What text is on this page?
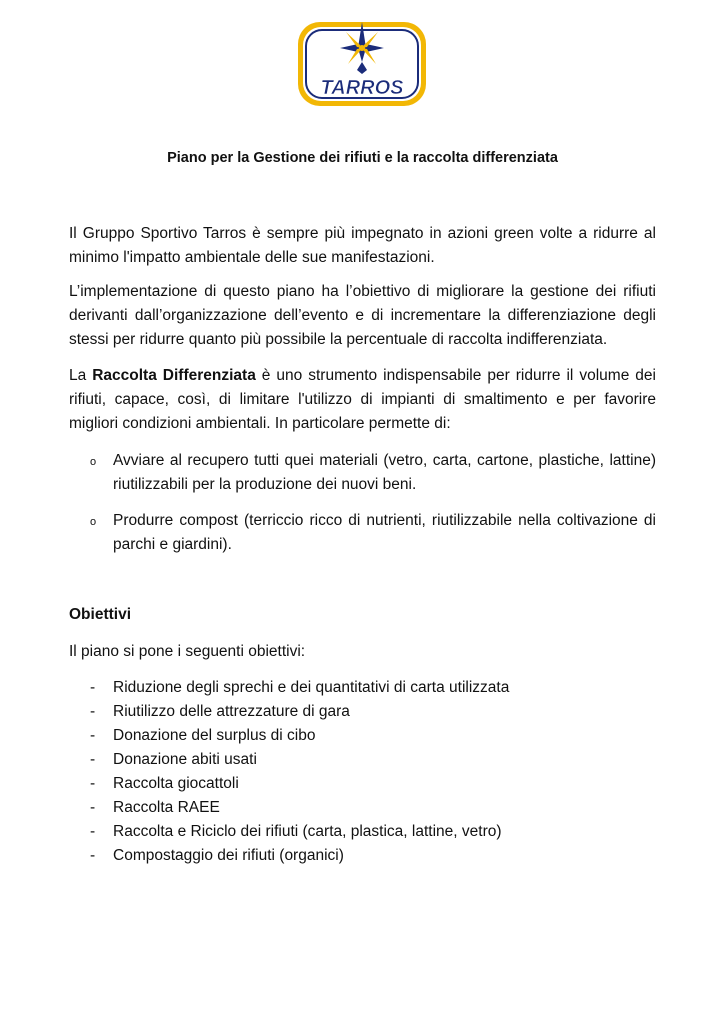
TARROS
Piano per la Gestione dei rifiuti e la raccolta differenziata

Il Gruppo Sportivo Tarros è sempre più impegnato in azioni green volte a ridurre al minimo l'impatto ambientale delle sue manifestazioni.

L’implementazione di questo piano ha l’obiettivo di migliorare la gestione dei rifiuti derivanti dall’organizzazione dell’evento e di incrementare la differenziazione degli stessi per ridurre quanto più possibile la percentuale di raccolta indifferenziata.

La Raccolta Differenziata è uno strumento indispensabile per ridurre il volume dei rifiuti, capace, così, di limitare l'utilizzo di impianti di smaltimento e per favorire migliori condizioni ambientali. In particolare permette di:

o Avviare al recupero tutti quei materiali (vetro, carta, cartone, plastiche, lattine) riutilizzabili per la produzione dei nuovi beni.
o Produrre compost (terriccio ricco di nutrienti, riutilizzabile nella coltivazione di parchi e giardini).

Obiettivi

Il piano si pone i seguenti obiettivi:

- Riduzione degli sprechi e dei quantitativi di carta utilizzata
- Riutilizzo delle attrezzature di gara
- Donazione del surplus di cibo
- Donazione abiti usati
- Raccolta giocattoli
- Raccolta RAEE
- Raccolta e Riciclo dei rifiuti (carta, plastica, lattine, vetro)
- Compostaggio dei rifiuti (organici)
